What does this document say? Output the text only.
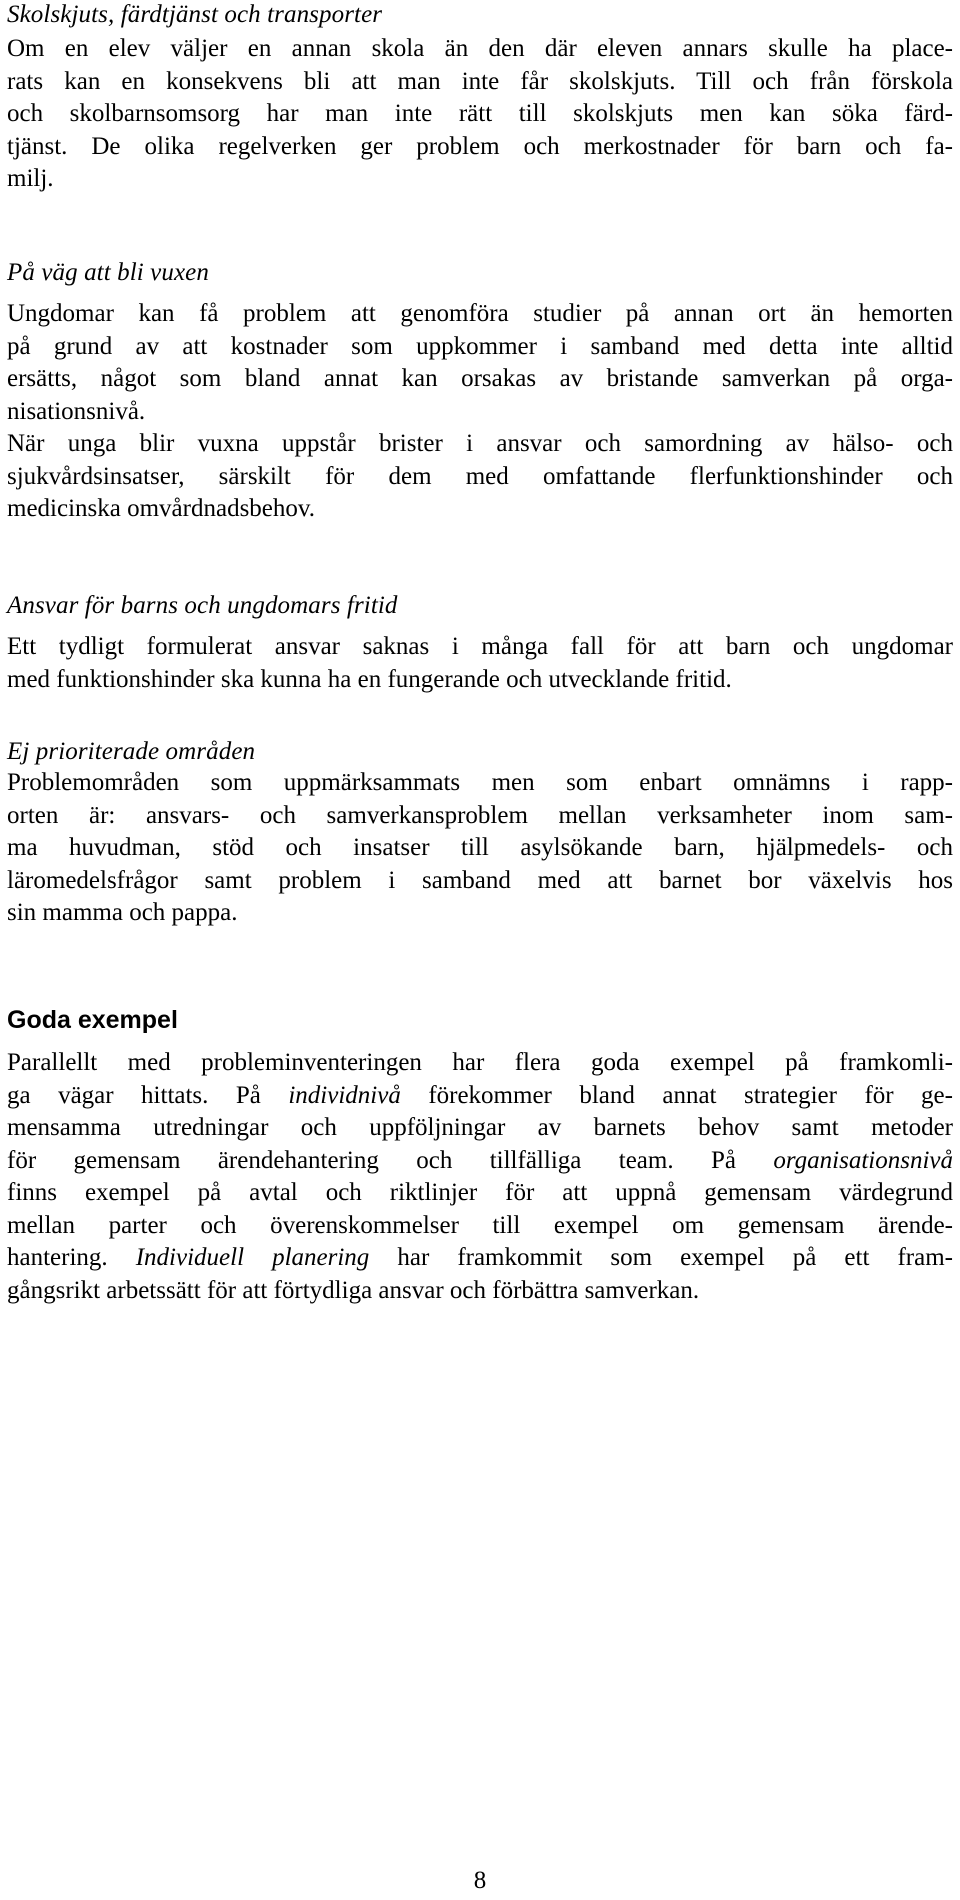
Skolskjuts, färdtjänst och transporter

Om en elev väljer en annan skola än den där eleven annars skulle ha place-
rats kan en konsekvens bli att man inte får skolskjuts. Till och från förskola
och skolbarnsomsorg har man inte rätt till skolskjuts men kan söka färd-
tjänst. De olika regelverken ger problem och merkostnader för barn och fa-
milj.

På väg att bli vuxen

Ungdomar kan få problem att genomföra studier på annan ort än hemorten
på grund av att kostnader som uppkommer i samband med detta inte alltid
ersätts, något som bland annat kan orsakas av bristande samverkan på orga-
nisationsnivå.

När unga blir vuxna uppstår brister i ansvar och samordning av hälso- och
sjukvårdsinsatser, särskilt för dem med omfattande flerfunktionshinder och
medicinska omvårdnadsbehov.

Ansvar för barns och ungdomars fritid

Ett tydligt formulerat ansvar saknas i många fall för att barn och ungdomar
med funktionshinder ska kunna ha en fungerande och utvecklande fritid.

Ej prioriterade områden

Problemområden som uppmärksammats men som enbart omnämns i rapp-
orten är: ansvars- och samverkansproblem mellan verksamheter inom sam-
ma huvudman, stöd och insatser till asylsökande barn, hjälpmedels- och
läromedelsfrågor samt problem i samband med att barnet bor växelvis hos
sin mamma och pappa.

Goda exempel

Parallellt med probleminventeringen har flera goda exempel på framkomli-
ga vägar hittats. På individnivå förekommer bland annat strategier för ge-
mensamma utredningar och uppföljningar av barnets behov samt metoder
för gemensam ärendehantering och tillfälliga team. På organisationsnivå
finns exempel på avtal och riktlinjer för att uppnå gemensam värdegrund
mellan parter och överenskommelser till exempel om gemensam ärende-
hantering. Individuell planering har framkommit som exempel på ett fram-
gångsrikt arbetssätt för att förtydliga ansvar och förbättra samverkan.

8
